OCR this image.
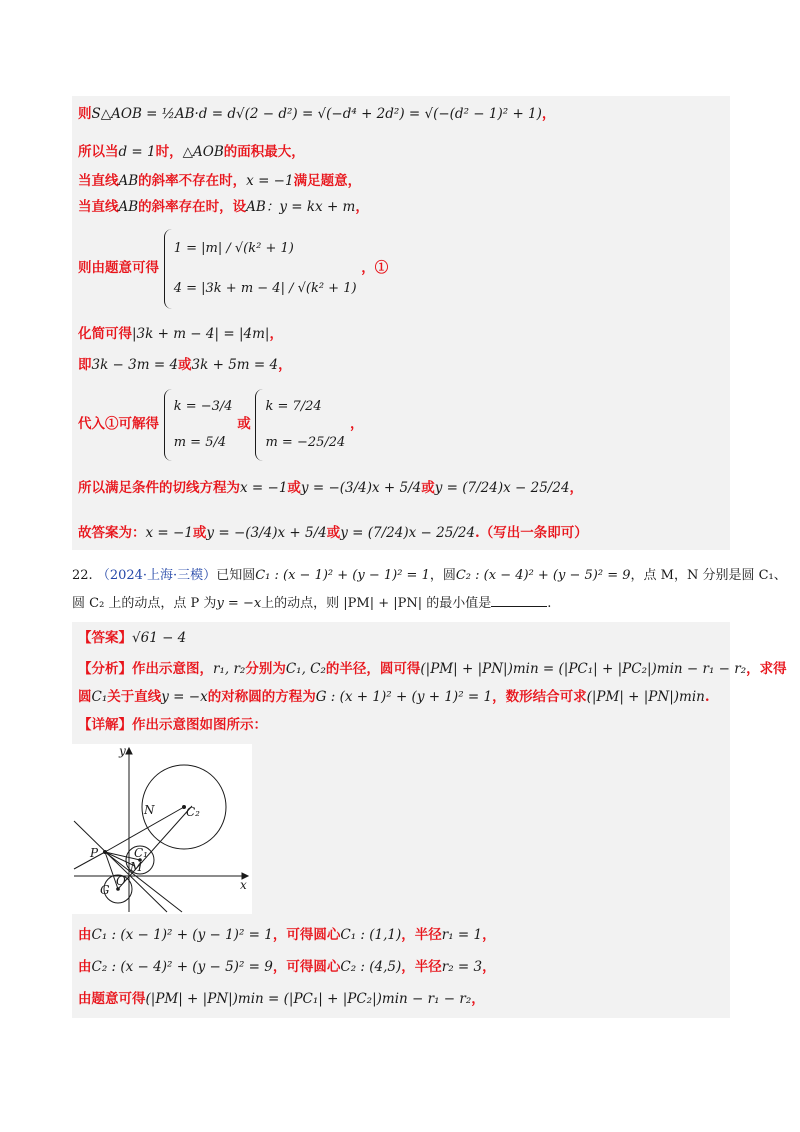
则S△AOB = ½AB·d = d√(2 − d²) = √(−d⁴ + 2d²) = √(−(d² − 1)² + 1)，
所以当d = 1时，△AOB的面积最大，
当直线AB的斜率不存在时，x = −1满足题意，
当直线AB的斜率存在时，设AB：y = kx + m，
则由题意可得
1 = |m| / √(k² + 1)
4 = |3k + m − 4| / √(k² + 1)
，①
化简可得|3k + m − 4| = |4m|，
即3k − 3m = 4或3k + 5m = 4，
代入①可解得
k = −3/4
m = 5/4
或
k = 7/24
m = −25/24
，
所以满足条件的切线方程为x = −1或y = −(3/4)x + 5/4或y = (7/24)x − 25/24，
故答案为：x = −1或y = −(3/4)x + 5/4或y = (7/24)x − 25/24.（写出一条即可）
22. （2024·上海·三模）已知圆C₁ : (x − 1)² + (y − 1)² = 1，圆C₂ : (x − 4)² + (y − 5)² = 9，点 M，N 分别是圆 C₁、
圆 C₂ 上的动点，点 P 为y = −x上的动点，则 |PM| + |PN| 的最小值是	.
【答案】√61 − 4
【分析】作出示意图，r₁, r₂分别为C₁, C₂的半径，圆可得(|PM| + |PN|)min = (|PC₁| + |PC₂|)min − r₁ − r₂，求得
圆C₁关于直线y = −x的对称圆的方程为G : (x + 1)² + (y + 1)² = 1，数形结合可求(|PM| + |PN|)min.
【详解】作出示意图如图所示：
x
y
N	C₂
P	C₁
M
O
G
由C₁ : (x − 1)² + (y − 1)² = 1，可得圆心C₁ : (1,1)，半径r₁ = 1，
由C₂ : (x − 4)² + (y − 5)² = 9，可得圆心C₂ : (4,5)，半径r₂ = 3，
由题意可得(|PM| + |PN|)min = (|PC₁| + |PC₂|)min − r₁ − r₂，
